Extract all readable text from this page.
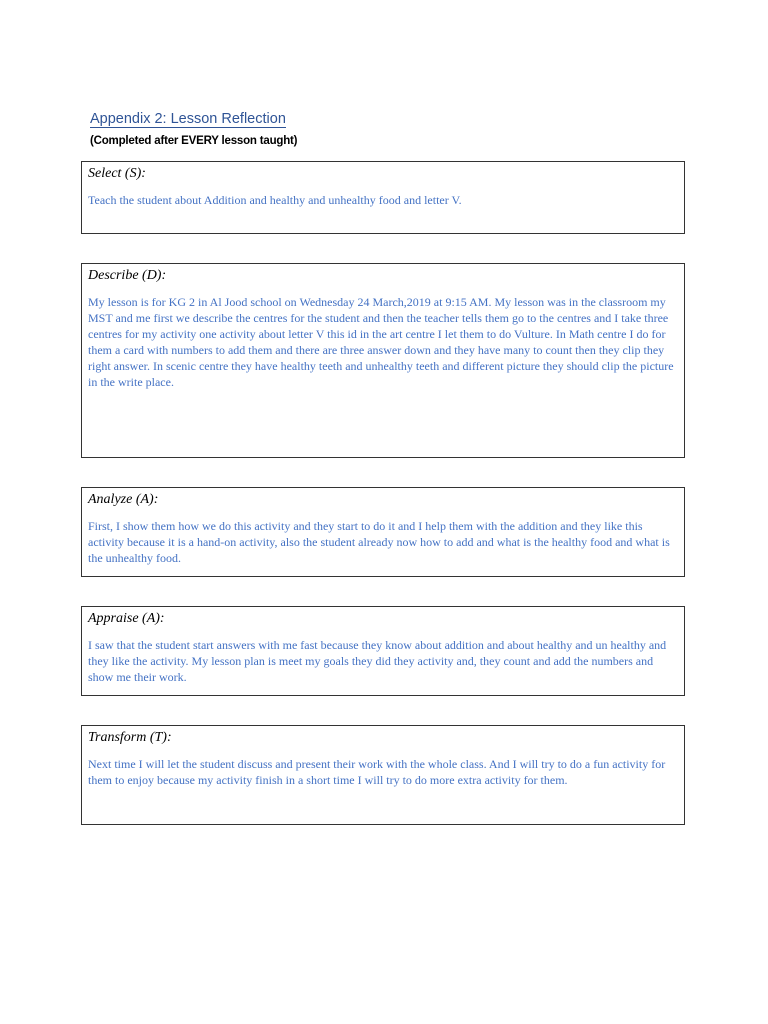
Appendix 2: Lesson Reflection
(Completed after EVERY lesson taught)
Select (S):
Teach the student about Addition and healthy and unhealthy food and letter V.
Describe (D):
My lesson is for KG 2 in Al Jood school on Wednesday 24 March,2019 at 9:15 AM. My lesson was in the classroom my MST and me first we describe the centres for the student and then the teacher tells them go to the centres and I take three centres for my activity one activity about letter V this id in the art centre I let them to do Vulture. In Math centre I do for them a card with numbers to add them and there are three answer down and they have many to count then they clip they right answer. In scenic centre they have healthy teeth and unhealthy teeth and different picture they should clip the picture in the write place.
Analyze (A):
First, I show them how we do this activity and they start to do it and I help them with the addition and they like this activity because it is a hand-on activity, also the student already now how to add and what is the healthy food and what is the unhealthy food.
Appraise (A):
I saw that the student start answers with me fast because they know about addition and about healthy and un healthy and they like the activity. My lesson plan is meet my goals they did they activity and, they count and add the numbers and show me their work.
Transform (T):
Next time I will let the student discuss and present their work with the whole class. And I will try to do a fun activity for them to enjoy because my activity finish in a short time I will try to do more extra activity for them.
